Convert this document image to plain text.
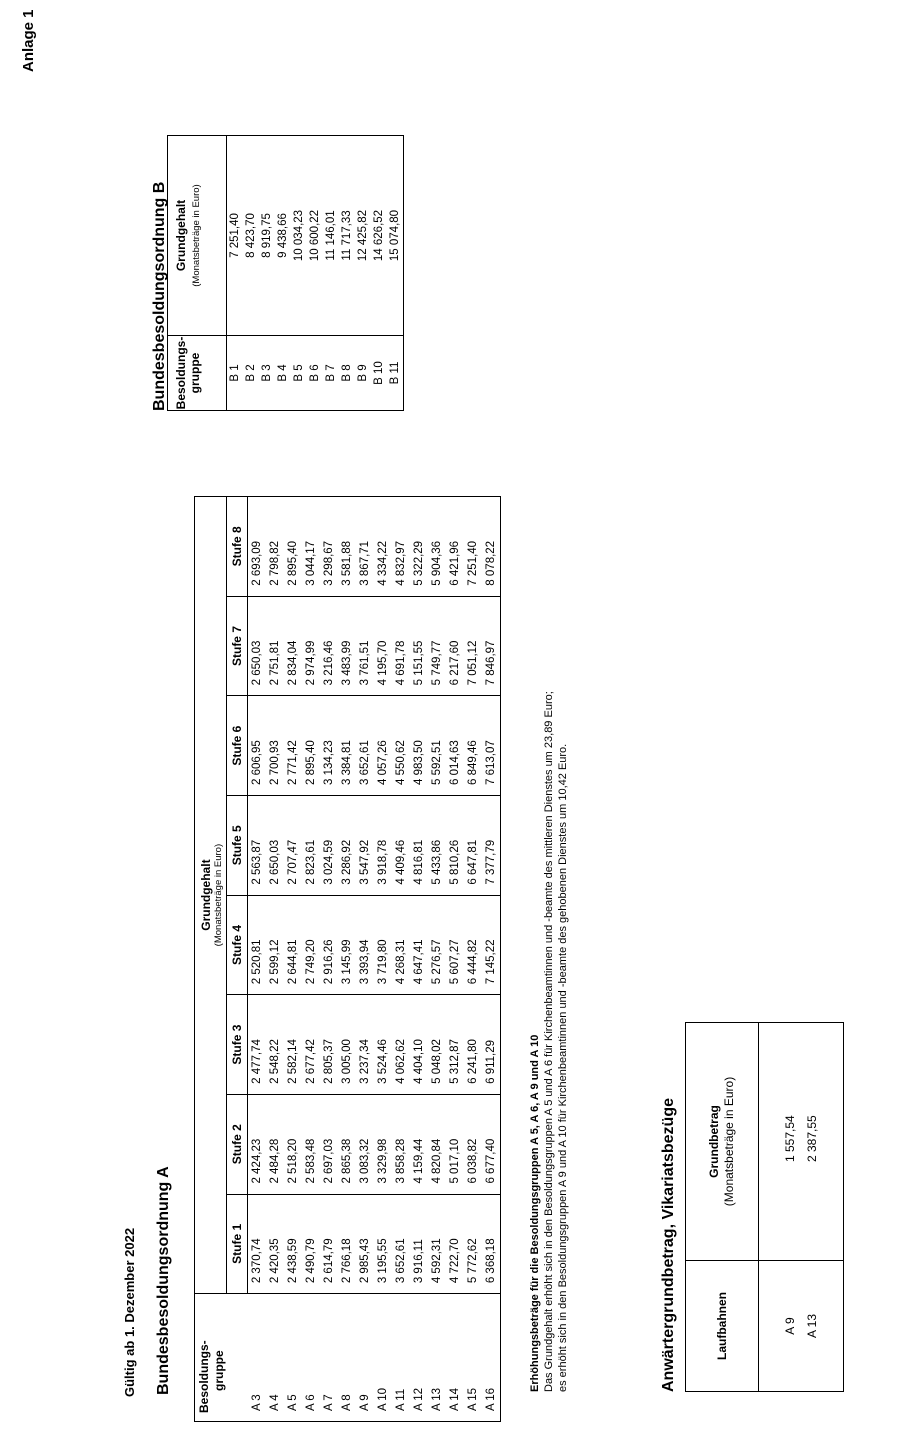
Anlage 1
Gültig ab 1. Dezember 2022 Bundesbesoldungsordnung A Besoldungs-
gruppe	Grundgehalt							
	(Monatsbeträge in Euro)							
	Stufe 1	Stufe 2	Stufe 3	Stufe 4	Stufe 5	Stufe 6	Stufe 7	Stufe 8
A 3	2 370,74	2 424,23	2 477,74	2 520,81	2 563,87	2 606,95	2 650,03	2 693,09
A 4	2 420,35	2 484,28	2 548,22	2 599,12	2 650,03	2 700,93	2 751,81	2 798,82
A 5	2 438,59	2 518,20	2 582,14	2 644,81	2 707,47	2 771,42	2 834,04	2 895,40
A 6	2 490,79	2 583,48	2 677,42	2 749,20	2 823,61	2 895,40	2 974,99	3 044,17
A 7	2 614,79	2 697,03	2 805,37	2 916,26	3 024,59	3 134,23	3 216,46	3 298,67
A 8	2 766,18	2 865,38	3 005,00	3 145,99	3 286,92	3 384,81	3 483,99	3 581,88
A 9	2 985,43	3 083,32	3 237,34	3 393,94	3 547,92	3 652,61	3 761,51	3 867,71
A 10	3 195,55	3 329,98	3 524,46	3 719,80	3 918,78	4 057,26	4 195,70	4 334,22
A 11	3 652,61	3 858,28	4 062,62	4 268,31	4 409,46	4 550,62	4 691,78	4 832,97
A 12	3 916,11	4 159,44	4 404,10	4 647,41	4 816,81	4 983,50	5 151,55	5 322,29
A 13	4 592,31	4 820,84	5 048,02	5 276,57	5 433,86	5 592,51	5 749,77	5 904,36
A 14	4 722,70	5 017,10	5 312,87	5 607,27	5 810,26	6 014,63	6 217,60	6 421,96
A 15	5 772,62	6 038,82	6 241,80	6 444,82	6 647,81	6 849,46	7 051,12	7 251,40
A 16	6 368,18	6 677,40	6 911,29	7 145,22	7 377,79	7 613,07	7 846,97	8 078,22
Bundesbesoldungsordnung B Besoldungs-
gruppe	Grundgehalt (Monatsbeträge in Euro)
B 1	7 251,40
B 2	8 423,70
B 3	8 919,75
B 4	9 438,66
B 5	10 034,23
B 6	10 600,22
B 7	11 146,01
B 8	11 717,33
B 9	12 425,82
B 10	14 626,52
B 11	15 074,80
Erhöhungsbeträge für die Besoldungsgruppen A 5, A 6, A 9 und A 10 Das Grundgehalt erhöht sich in den Besoldungsgruppen A 5 und A 6 für Kirchenbeamtinnen und -beamte des mittleren Dienstes um 23,89 Euro; es erhöht sich in den Besoldungsgruppen A 9 und A 10 für Kirchenbeamtinnen und -beamte des gehobenen Dienstes um 10,42 Euro.	Anwärtergrundbetrag, Vikariatsbezüge	Laufbahnen	Grundbetrag
(Monatsbeträge in Euro)

A 9	1 557,54
A 13	2 387,55
